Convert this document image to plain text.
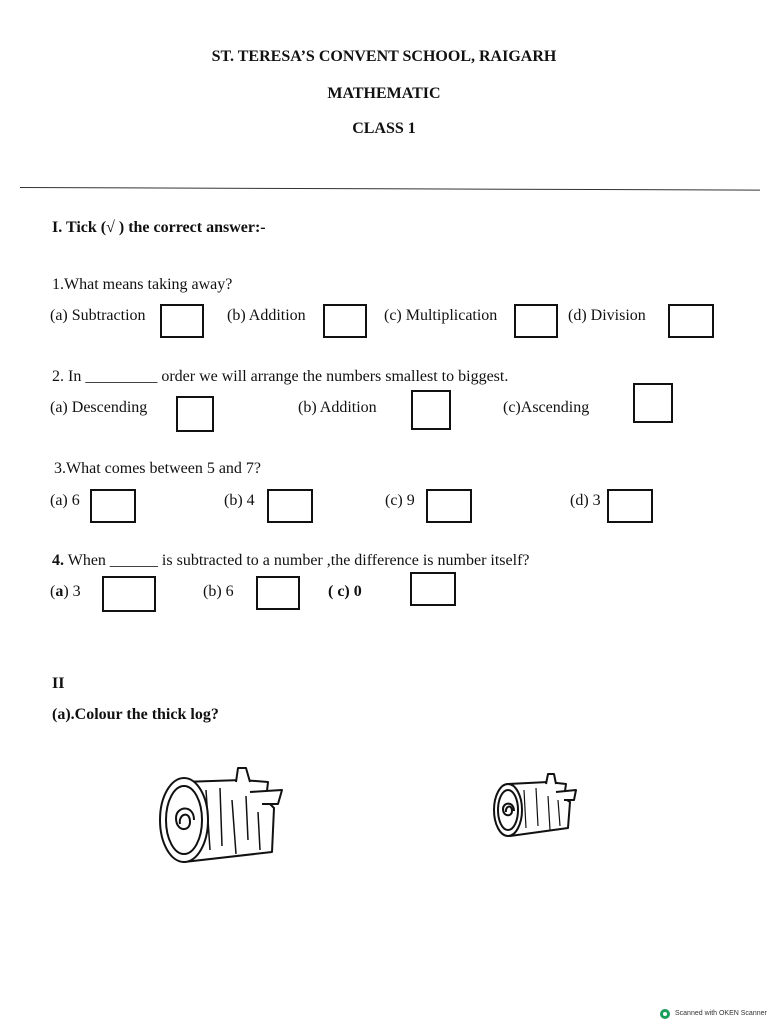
ST. TERESA’S CONVENT SCHOOL, RAIGARH
MATHEMATIC
CLASS 1
I. Tick (√ ) the correct answer:-
1.What means taking away?
(a) Subtraction	(b) Addition	(c) Multiplication	(d) Division
2. In _________ order we will arrange the numbers smallest to biggest.
(a) Descending	(b) Addition	(c)Ascending
3.What comes between 5 and 7?
(a) 6	(b) 4	(c) 9	(d) 3
4. When ______ is subtracted to a number ,the difference is number itself?
(a) 3	(b) 6	( c) 0
II
(a).Colour the thick log?
Scanned with OKEN Scanner
